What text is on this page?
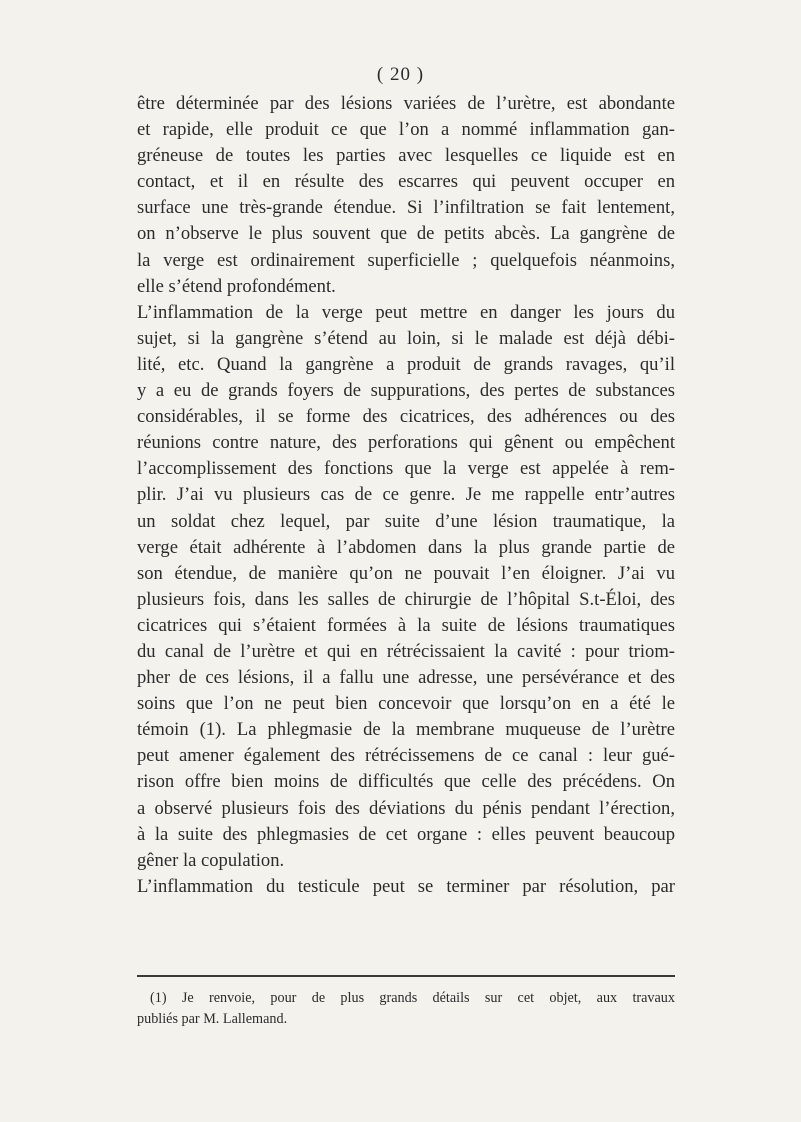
( 20 )
être déterminée par des lésions variées de l’urètre, est abondante
et rapide, elle produit ce que l’on a nommé inflammation gan-
gréneuse de toutes les parties avec lesquelles ce liquide est en
contact, et il en résulte des escarres qui peuvent occuper en
surface une très-grande étendue. Si l’infiltration se fait lentement,
on n’observe le plus souvent que de petits abcès. La gangrène de
la verge est ordinairement superficielle ; quelquefois néanmoins,
elle s’étend profondément.
L’inflammation de la verge peut mettre en danger les jours du
sujet, si la gangrène s’étend au loin, si le malade est déjà débi-
lité, etc. Quand la gangrène a produit de grands ravages, qu’il
y a eu de grands foyers de suppurations, des pertes de substances
considérables, il se forme des cicatrices, des adhérences ou des
réunions contre nature, des perforations qui gênent ou empêchent
l’accomplissement des fonctions que la verge est appelée à rem-
plir. J’ai vu plusieurs cas de ce genre. Je me rappelle entr’autres
un soldat chez lequel, par suite d’une lésion traumatique, la
verge était adhérente à l’abdomen dans la plus grande partie de
son étendue, de manière qu’on ne pouvait l’en éloigner. J’ai vu
plusieurs fois, dans les salles de chirurgie de l’hôpital S.t-Éloi, des
cicatrices qui s’étaient formées à la suite de lésions traumatiques
du canal de l’urètre et qui en rétrécissaient la cavité : pour triom-
pher de ces lésions, il a fallu une adresse, une persévérance et des
soins que l’on ne peut bien concevoir que lorsqu’on en a été le
témoin (1). La phlegmasie de la membrane muqueuse de l’urètre
peut amener également des rétrécissemens de ce canal : leur gué-
rison offre bien moins de difficultés que celle des précédens. On
a observé plusieurs fois des déviations du pénis pendant l’érection,
à la suite des phlegmasies de cet organe : elles peuvent beaucoup
gêner la copulation.
L’inflammation du testicule peut se terminer par résolution, par
(1) Je renvoie, pour de plus grands détails sur cet objet, aux travaux
publiés par M. Lallemand.
